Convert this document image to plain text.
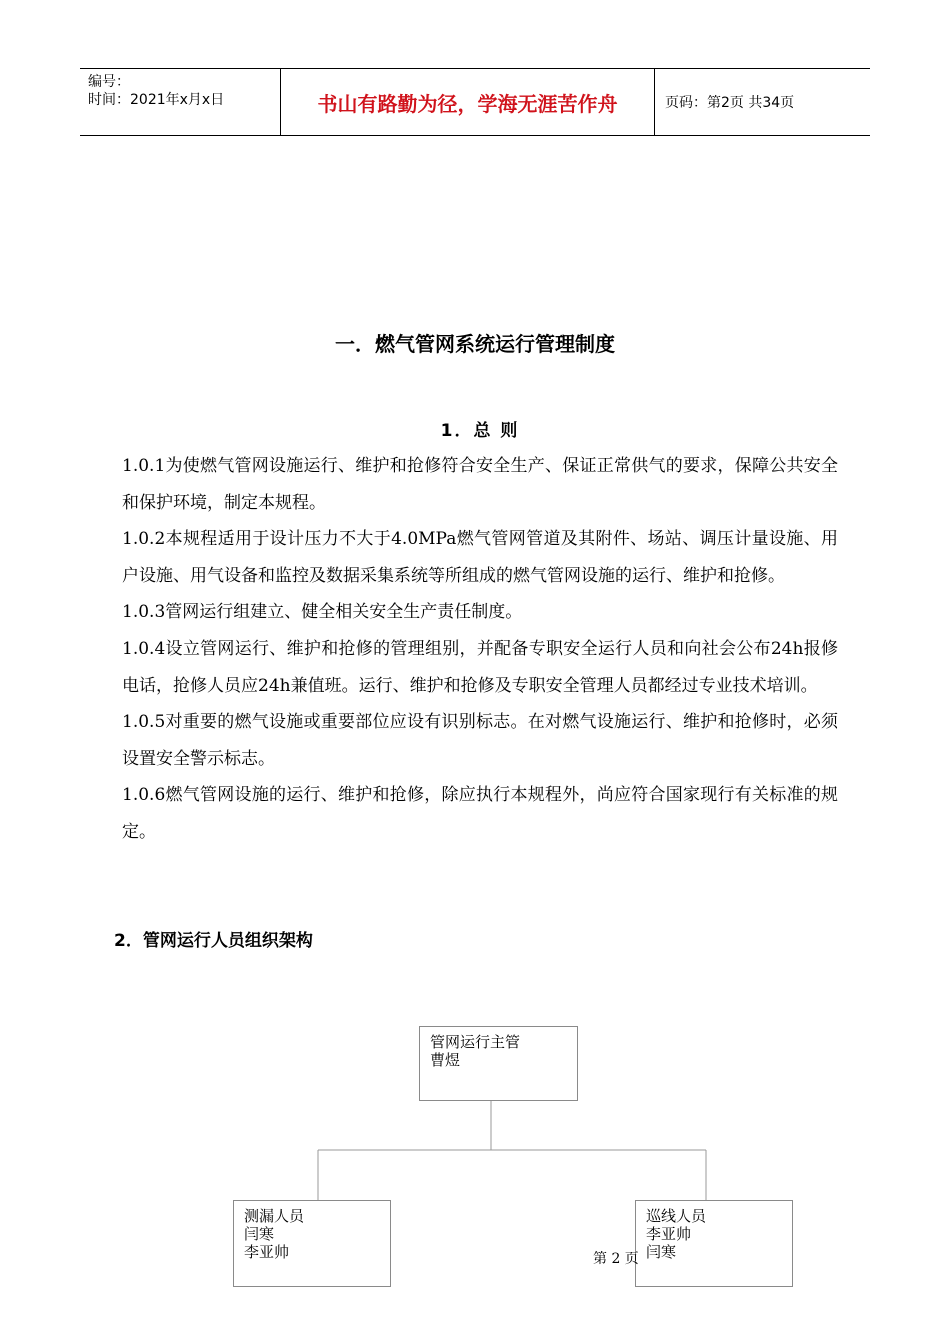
编号：
时间：2021年x月x日	书山有路勤为径，学海无涯苦作舟	页码：第2页 共34页
一．燃气管网系统运行管理制度
1．总 则

1.0.1为使燃气管网设施运行、维护和抢修符合安全生产、保证正常供气的要求，保障公共安全和保护环境，制定本规程。

1.0.2本规程适用于设计压力不大于4.0MPa燃气管网管道及其附件、场站、调压计量设施、用户设施、用气设备和监控及数据采集系统等所组成的燃气管网设施的运行、维护和抢修。

1.0.3管网运行组建立、健全相关安全生产责任制度。

1.0.4设立管网运行、维护和抢修的管理组别，并配备专职安全运行人员和向社会公布24h报修电话，抢修人员应24h兼值班。运行、维护和抢修及专职安全管理人员都经过专业技术培训。

1.0.5对重要的燃气设施或重要部位应设有识别标志。在对燃气设施运行、维护和抢修时，必须设置安全警示标志。

1.0.6燃气管网设施的运行、维护和抢修，除应执行本规程外，尚应符合国家现行有关标准的规定。

2．管网运行人员组织架构
管网运行主管
曹煜
测漏人员
闫寒
李亚帅
巡线人员
李亚帅
闫寒
第 2 页
